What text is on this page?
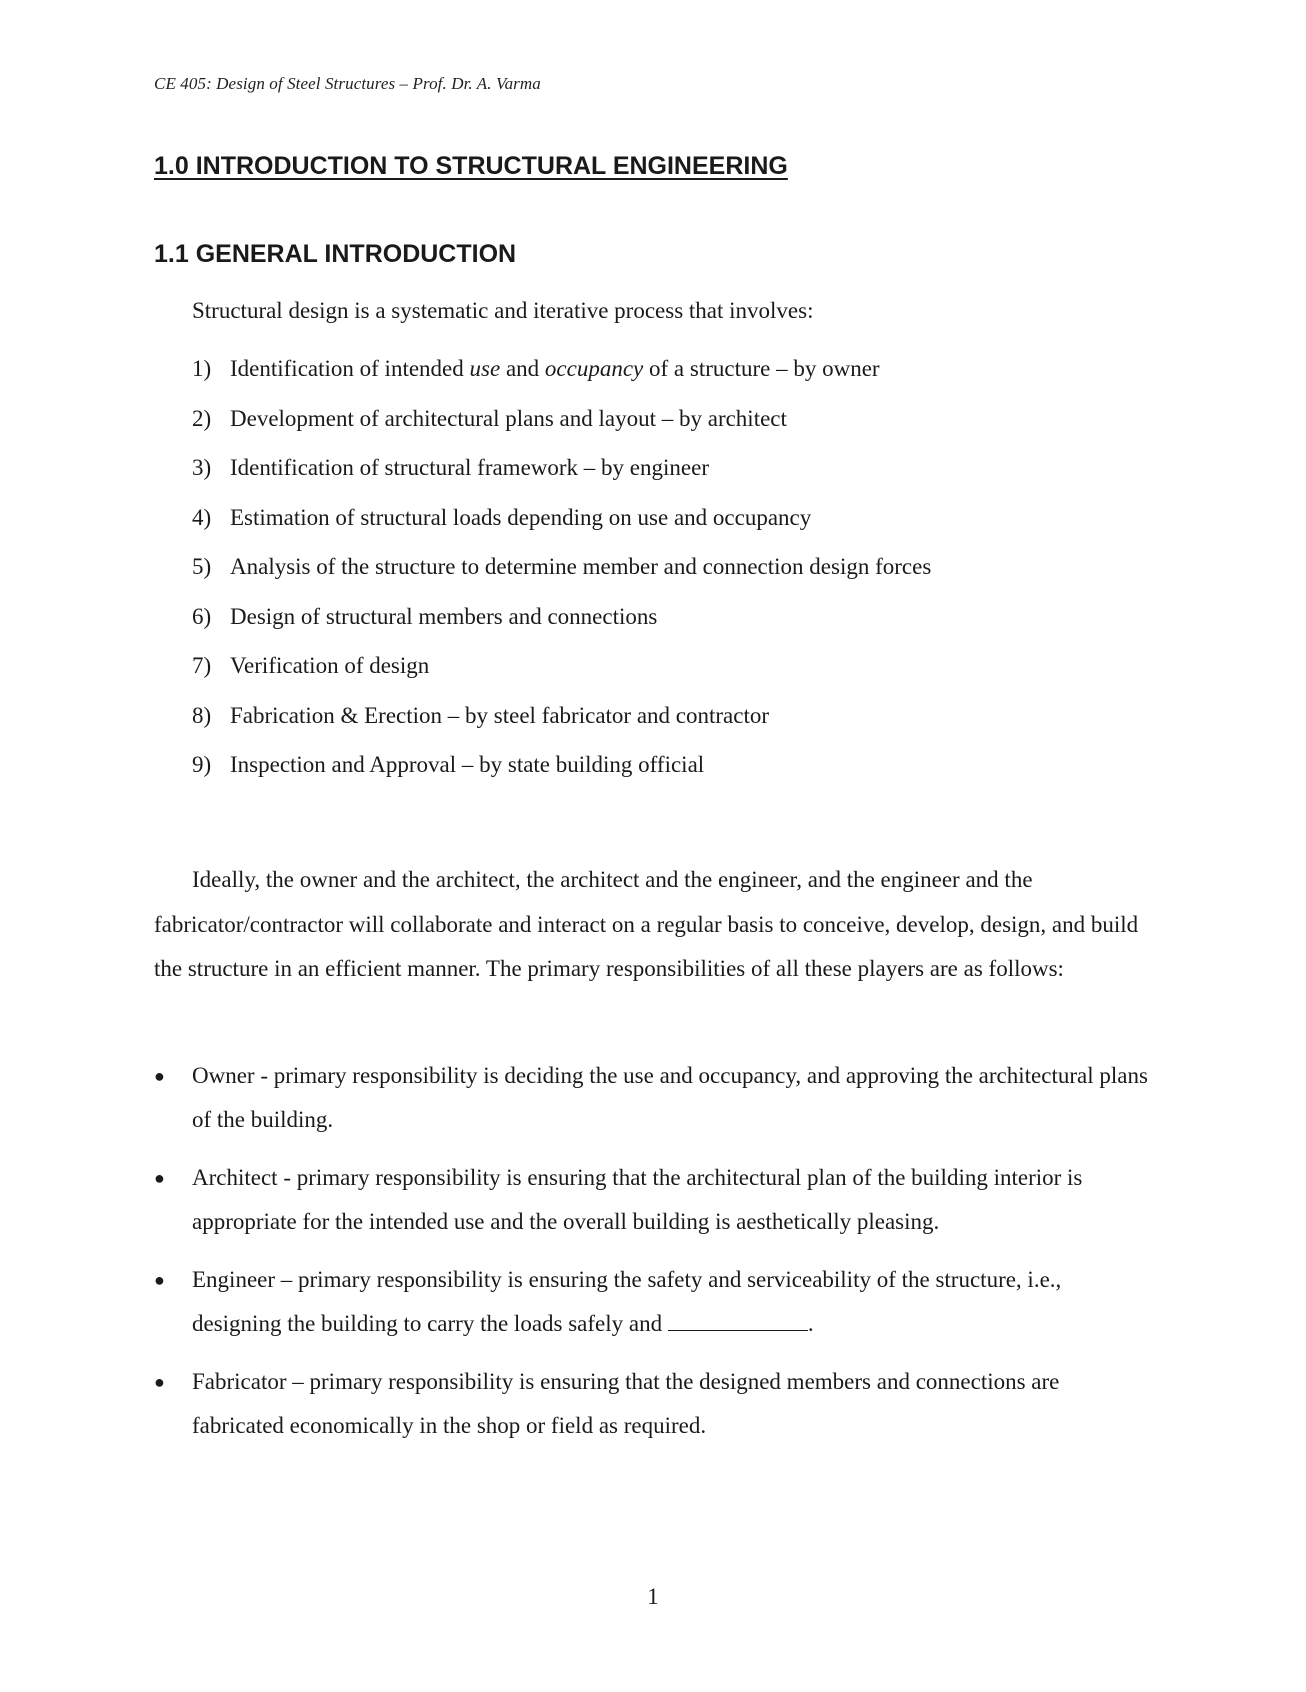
CE 405: Design of Steel Structures – Prof. Dr. A. Varma
1.0 INTRODUCTION TO STRUCTURAL ENGINEERING
1.1 GENERAL INTRODUCTION

Structural design is a systematic and iterative process that involves:

1) Identification of intended use and occupancy of a structure – by owner
2) Development of architectural plans and layout – by architect
3) Identification of structural framework – by engineer
4) Estimation of structural loads depending on use and occupancy
5) Analysis of the structure to determine member and connection design forces
6) Design of structural members and connections
7) Verification of design
8) Fabrication & Erection – by steel fabricator and contractor
9) Inspection and Approval – by state building official

Ideally, the owner and the architect, the architect and the engineer, and the engineer and the fabricator/contractor will collaborate and interact on a regular basis to conceive, develop, design, and build the structure in an efficient manner. The primary responsibilities of all these players are as follows:

● Owner - primary responsibility is deciding the use and occupancy, and approving the architectural plans of the building.
● Architect - primary responsibility is ensuring that the architectural plan of the building interior is appropriate for the intended use and the overall building is aesthetically pleasing.
● Engineer – primary responsibility is ensuring the safety and serviceability of the structure, i.e., designing the building to carry the loads safely and	.
● Fabricator – primary responsibility is ensuring that the designed members and connections are fabricated economically in the shop or field as required.
1
